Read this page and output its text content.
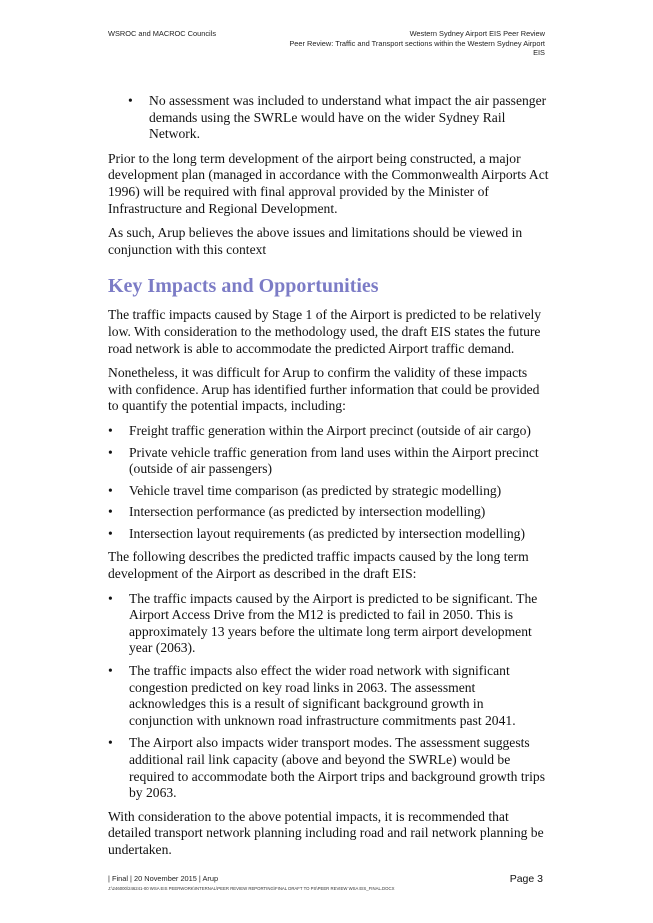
WSROC and MACROC Councils	Western Sydney Airport EIS Peer Review
Peer Review: Traffic and Transport sections within the Western Sydney Airport
EIS
• No assessment was included to understand what impact the air passenger demands using the SWRLe would have on the wider Sydney Rail Network.

Prior to the long term development of the airport being constructed, a major development plan (managed in accordance with the Commonwealth Airports Act 1996) will be required with final approval provided by the Minister of Infrastructure and Regional Development.

As such, Arup believes the above issues and limitations should be viewed in conjunction with this context

Key Impacts and Opportunities

The traffic impacts caused by Stage 1 of the Airport is predicted to be relatively low. With consideration to the methodology used, the draft EIS states the future road network is able to accommodate the predicted Airport traffic demand.

Nonetheless, it was difficult for Arup to confirm the validity of these impacts with confidence. Arup has identified further information that could be provided to quantify the potential impacts, including:

• Freight traffic generation within the Airport precinct (outside of air cargo)
• Private vehicle traffic generation from land uses within the Airport precinct (outside of air passengers)
• Vehicle travel time comparison (as predicted by strategic modelling)
• Intersection performance (as predicted by intersection modelling)
• Intersection layout requirements (as predicted by intersection modelling)

The following describes the predicted traffic impacts caused by the long term development of the Airport as described in the draft EIS:

• The traffic impacts caused by the Airport is predicted to be significant. The Airport Access Drive from the M12 is predicted to fail in 2050. This is approximately 13 years before the ultimate long term airport development year (2063).
• The traffic impacts also effect the wider road network with significant congestion predicted on key road links in 2063. The assessment acknowledges this is a result of significant background growth in conjunction with unknown road infrastructure commitments past 2041.
• The Airport also impacts wider transport modes. The assessment suggests additional rail link capacity (above and beyond the SWRLe) would be required to accommodate both the Airport trips and background growth trips by 2063.

With consideration to the above potential impacts, it is recommended that detailed transport network planning including road and rail network planning be undertaken.

| Final | 20 November 2015 | Arup
J:\246000\246241-00 WSA EIS PEERWORK\INTERNAL\PEER REVIEW REPORTING\FINAL DRAFT TO PS\PEER REVIEW WSA EIS_FINAL.DOCX
Page 3
